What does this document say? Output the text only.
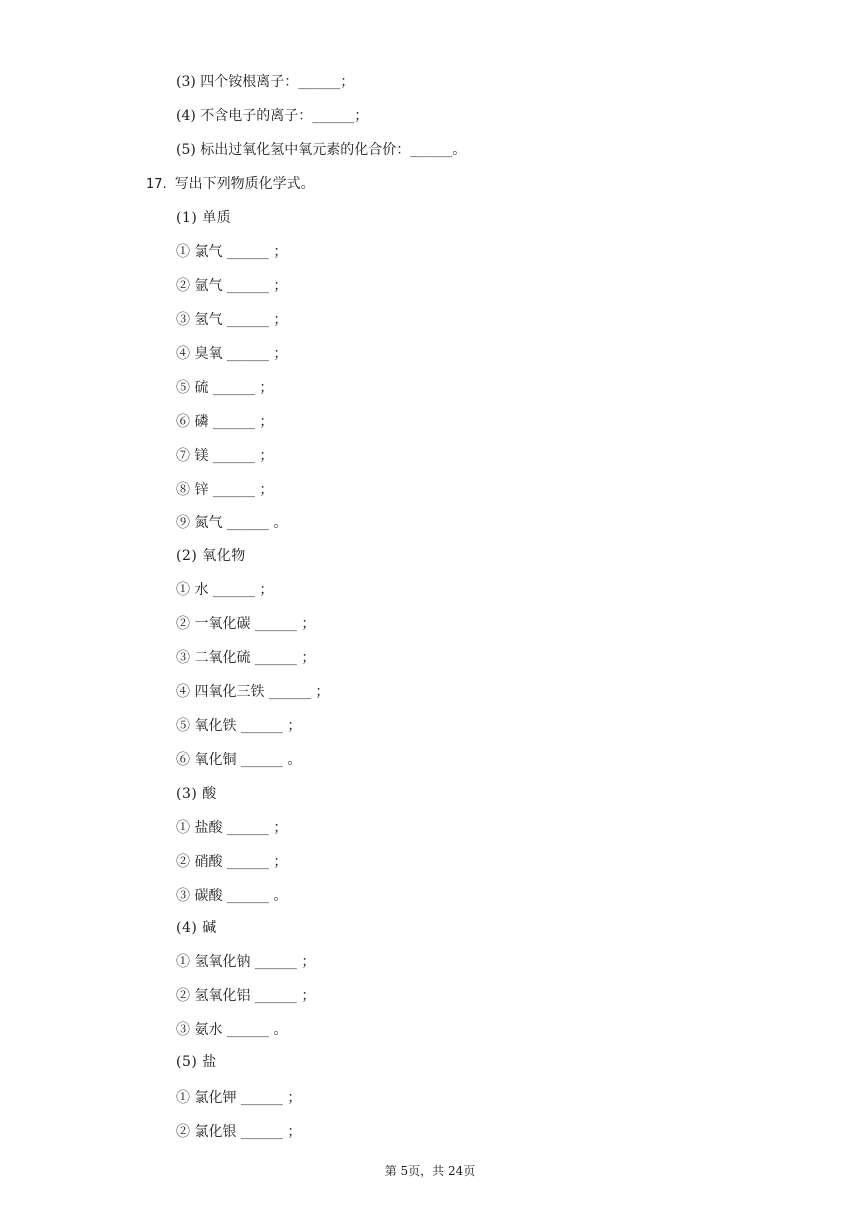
(3) 四个铵根离子：______；
(4) 不含电子的离子：______；
(5) 标出过氧化氢中氧元素的化合价：______。
17. 写出下列物质化学式。
(1) 单质
① 氯气 ______ ；
② 氩气 ______ ；
③ 氢气 ______ ；
④ 臭氧 ______ ；
⑤ 硫 ______ ；
⑥ 磷 ______ ；
⑦ 镁 ______ ；
⑧ 锌 ______ ；
⑨ 氮气 ______ 。
(2) 氧化物
① 水 ______ ；
② 一氧化碳 ______ ；
③ 二氧化硫 ______ ；
④ 四氧化三铁 ______ ；
⑤ 氧化铁 ______ ；
⑥ 氧化铜 ______ 。
(3) 酸
① 盐酸 ______ ；
② 硝酸 ______ ；
③ 碳酸 ______ 。
(4) 碱
① 氢氧化钠 ______ ；
② 氢氧化铝 ______ ；
③ 氨水 ______ 。
(5) 盐
① 氯化钾 ______ ；
② 氯化银 ______ ；
第 5页，共 24页
